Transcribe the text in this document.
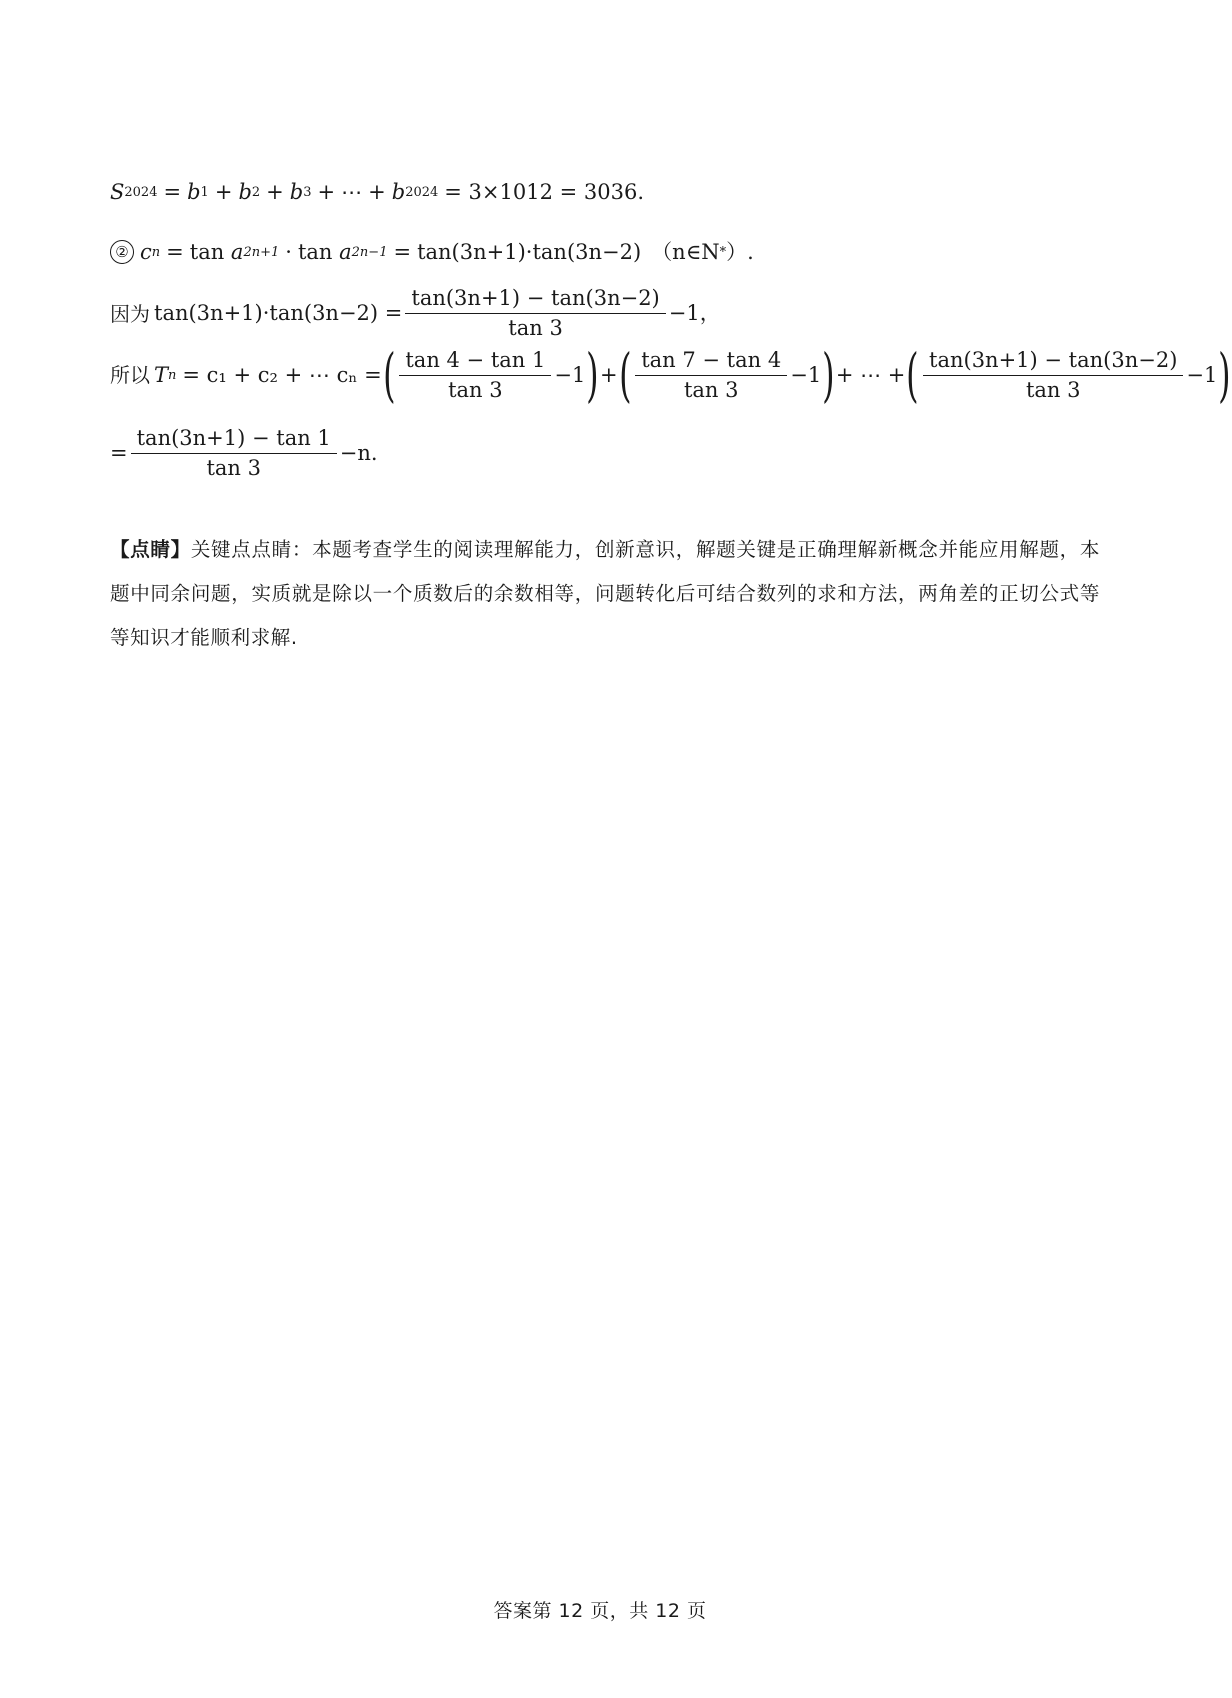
S 2024 = b 1 + b 2 + b 3 + ⋯ + b 2024 = 3×1012 = 3036.
② c n = tan
a 2n+1 · tan
a 2n−1 = tan(3n+1)·tan(3n−2) （n∈N * ）.
因为 $\tan(3n+1)\cdot\tan(3n-2) = \frac{\tan(3n+1) - \tan(3n-2)}{\tan 3} -1$，
所以 T n = c₁ + c₂ + ⋯ cₙ = ( $\frac{\tan 4 - \tan 1}{\tan 3} -1$ ) + ( $\frac{\tan 7 - \tan 4}{\tan 3} -1$ ) + ⋯ + ( $\frac{\tan(3n+1) - \tan(3n-2)}{\tan 3} -1$ )
= $\frac{\tan(3n+1) - \tan 1}{\tan 3} -n$.
【点睛】关键点点睛：本题考查学生的阅读理解能力，创新意识，解题关键是正确理解新概念并能应用解题，本题中同余问题，实质就是除以一个质数后的余数相等，问题转化后可结合数列的求和方法，两角差的正切公式等等知识才能顺利求解.
答案第 12 页，共 12 页
